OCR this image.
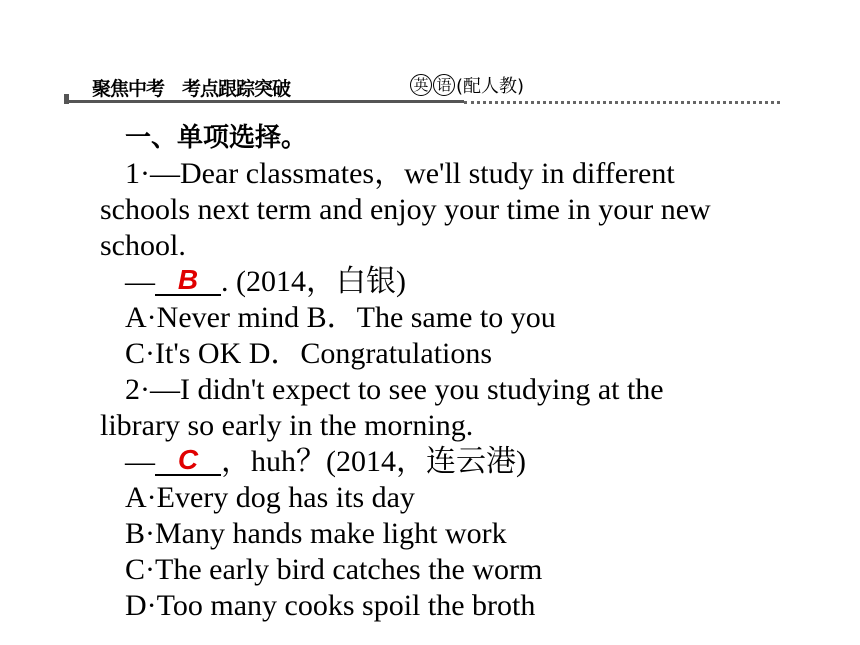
聚焦中考　考点跟踪突破	英 语 (配人教)
一、单项选择。
1·—Dear classmates，we'll study in different
schools next term and enjoy your time in your new
school.
— B . (2014，白银)
A·Never mind B．The same to you
C·It's OK D．Congratulations
2·—I didn't expect to see you studying at the
library so early in the morning.
— C ，huh？(2014，连云港)
A·Every dog has its day
B·Many hands make light work
C·The early bird catches the worm
D·Too many cooks spoil the broth
